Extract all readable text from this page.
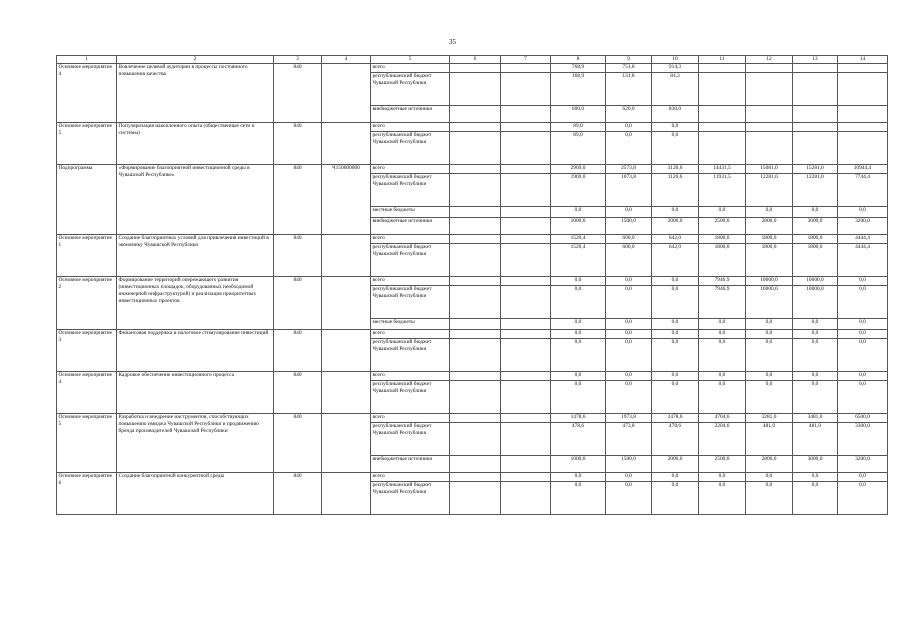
35
1	2	3	4	5	6	7	8	9	10	11	12	13	14
Основное мероприятие 4	Вовлечение целевой аудитории в процессы постоянного повышения качества	840		всего			768,9	751,8	914,3				
				республиканский бюджет Чувашской Республики			168,9	131,8	84,3				
				внебюджетные источники			600,0	620,0	830,0				
Основное мероприятие 5	Популяризация накопленного опыта (общественные сети и системы)	840		всего			89,0	0,0	0,0				
				республиканский бюджет Чувашской Республики			89,0	0,0	0,0				
Подпрограмма	«Формирование благоприятной инвестиционной среды в Чувашской Республике»	840	Ч150000000	всего			2969,0	2573,8	3120,6	14431,5	15081,0	15281,0	10944,4
				республиканский бюджет Чувашской Республики			1969,0	1073,8	1120,6	11931,5	12281,0	12281,0	7744,4
				местные бюджеты			0,0	0,0	0,0	0,0	0,0	0,0	0,0
				внебюджетные источники			1000,0	1500,0	2000,0	2500,0	2800,0	3000,0	3200,0
Основное мероприятие 1	Создание благоприятных условий для привлечения инвестиций в экономику Чувашской Республики	840		всего			1520,4	600,0	642,0	1800,0	1800,0	1800,0	4444,4
				республиканский бюджет Чувашской Республики			1520,4	600,0	642,0	1800,0	1800,0	1800,0	4444,4
Основное мероприятие 2	Формирование территорий опережающего развития (инвестиционных площадок, оборудованных необходимой инженерной инфраструктурой) и реализация приоритетных инвестиционных проектов	840		всего			0,0	0,0	0,0	7946,9	10000,0	10000,0	0,0
				республиканский бюджет Чувашской Республики			0,0	0,0	0,0	7946,9	10000,0	10000,0	0,0
				местные бюджеты			0,0	0,0	0,0	0,0	0,0	0,0	0,0
Основное мероприятие 3	Финансовая поддержка и налоговое стимулирование инвестиций	840		всего			0,0	0,0	0,0	0,0	0,0	0,0	0,0
				республиканский бюджет Чувашской Республики			0,0	0,0	0,0	0,0	0,0	0,0	0,0
Основное мероприятие 4	Кадровое обеспечение инвестиционного процесса	840		всего			0,0	0,0	0,0	0,0	0,0	0,0	0,0
				республиканский бюджет Чувашской Республики			0,0	0,0	0,0	0,0	0,0	0,0	0,0
Основное мероприятие 5	Разработка и внедрение инструментов, способствующих повышению имиджа Чувашской Республики и продвижению бренда производителей Чувашской Республики	840		всего			1478,6	1973,8	2478,6	4704,6	3281,0	3481,0	6500,0
				республиканский бюджет Чувашской Республики			478,6	473,8	478,6	2204,6	481,0	481,0	3300,0
				внебюджетные источники			1000,0	1500,0	2000,0	2500,0	2800,0	3000,0	3200,0
Основное мероприятие 6	Создание благоприятной конкурентной среды	840		всего			0,0	0,0	0,0	0,0	0,0	0,0	0,0
				республиканский бюджет Чувашской Республики			0,0	0,0	0,0	0,0	0,0	0,0	0,0
